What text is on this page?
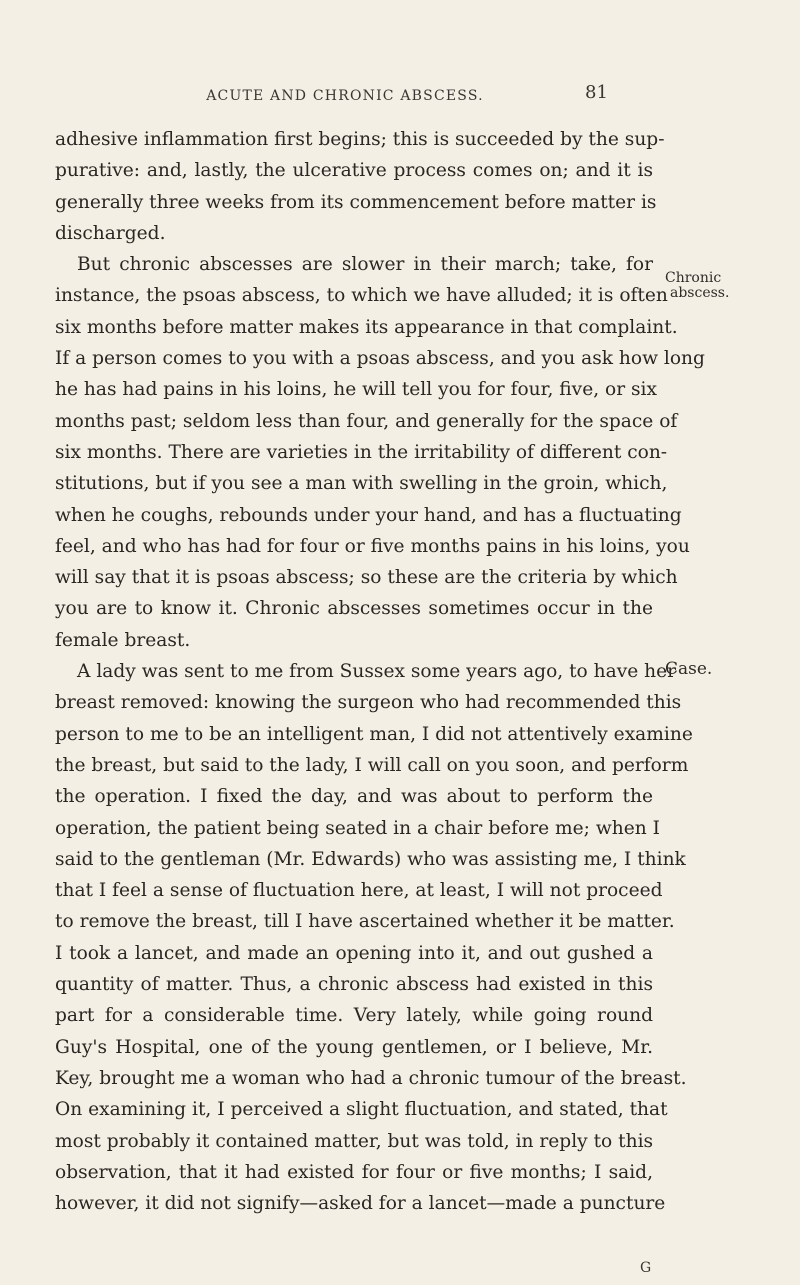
ACUTE AND CHRONIC ABSCESS.	81
adhesive inflammation first begins; this is succeeded by the sup-
purative: and, lastly, the ulcerative process comes on; and it is
generally three weeks from its commencement before matter is
discharged.
But chronic abscesses are slower in their march; take, for
instance, the psoas abscess, to which we have alluded; it is often
six months before matter makes its appearance in that complaint.
If a person comes to you with a psoas abscess, and you ask how long
he has had pains in his loins, he will tell you for four, five, or six
months past; seldom less than four, and generally for the space of
six months. There are varieties in the irritability of different con-
stitutions, but if you see a man with swelling in the groin, which,
when he coughs, rebounds under your hand, and has a fluctuating
feel, and who has had for four or five months pains in his loins, you
will say that it is psoas abscess; so these are the criteria by which
you are to know it. Chronic abscesses sometimes occur in the
female breast.
A lady was sent to me from Sussex some years ago, to have her
breast removed: knowing the surgeon who had recommended this
person to me to be an intelligent man, I did not attentively examine
the breast, but said to the lady, I will call on you soon, and perform
the operation. I fixed the day, and was about to perform the
operation, the patient being seated in a chair before me; when I
said to the gentleman (Mr. Edwards) who was assisting me, I think
that I feel a sense of fluctuation here, at least, I will not proceed
to remove the breast, till I have ascertained whether it be matter.
I took a lancet, and made an opening into it, and out gushed a
quantity of matter. Thus, a chronic abscess had existed in this
part for a considerable time. Very lately, while going round
Guy's Hospital, one of the young gentlemen, or I believe, Mr.
Key, brought me a woman who had a chronic tumour of the breast.
On examining it, I perceived a slight fluctuation, and stated, that
most probably it contained matter, but was told, in reply to this
observation, that it had existed for four or five months; I said,
however, it did not signify—asked for a lancet—made a puncture
Chronic
abscess.
Case.
G
